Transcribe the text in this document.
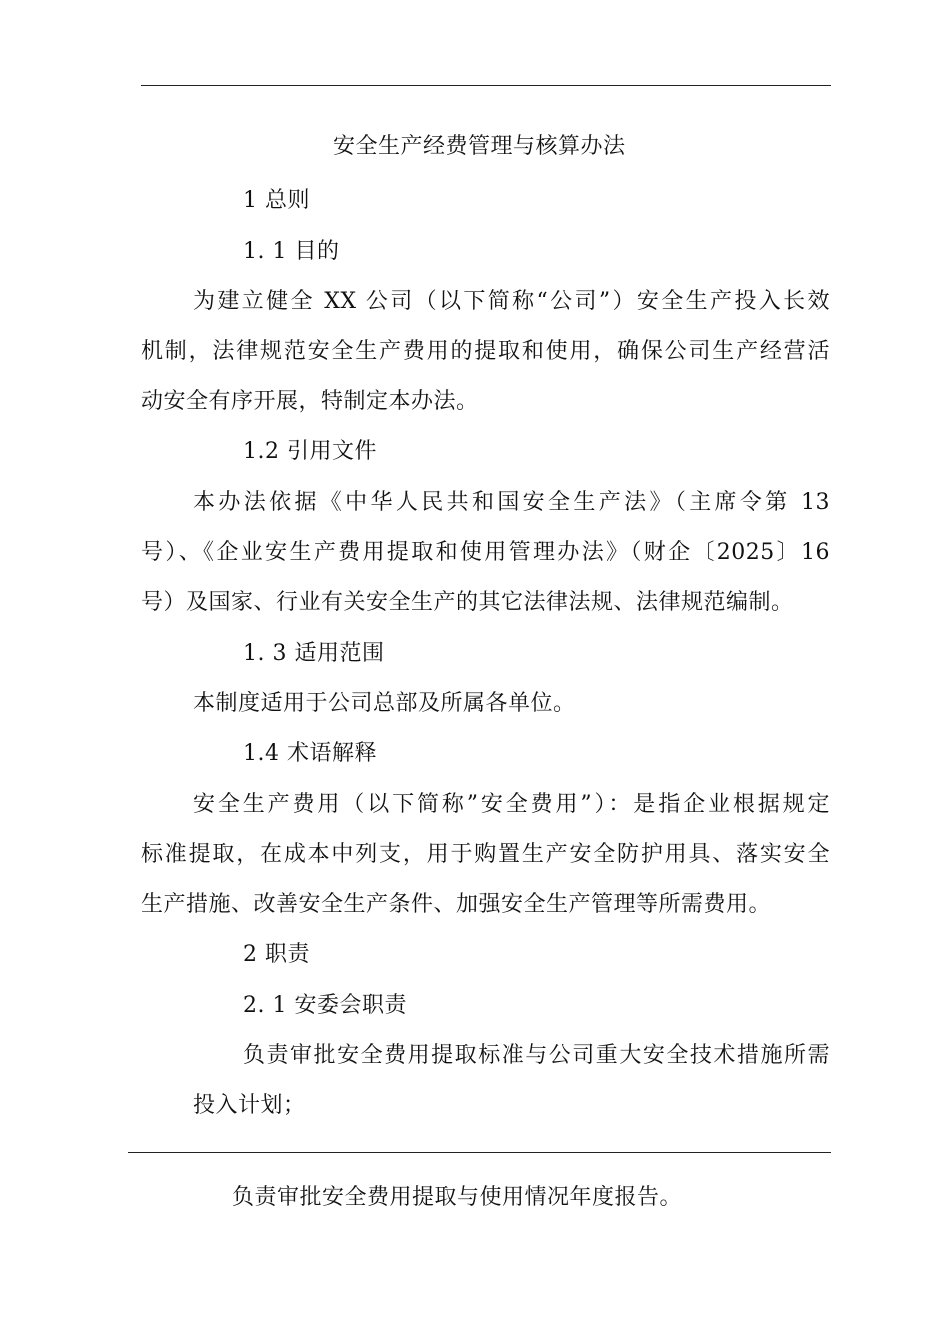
安全生产经费管理与核算办法
1 总则
1. 1 目的
为建立健全 XX 公司（以下简称“公司”）安全生产投入长效
机制，法律规范安全生产费用的提取和使用，确保公司生产经营活
动安全有序开展，特制定本办法。
1.2 引用文件
本办法依据《中华人民共和国安全生产法》（主席令第 13
号）、《企业安生产费用提取和使用管理办法》（财企〔2025〕16
号）及国家、行业有关安全生产的其它法律法规、法律规范编制。
1. 3 适用范围
本制度适用于公司总部及所属各单位。
1.4 术语解释
安全生产费用（以下简称”安全费用”）：是指企业根据规定
标准提取，在成本中列支，用于购置生产安全防护用具、落实安全
生产措施、改善安全生产条件、加强安全生产管理等所需费用。
2 职责
2. 1 安委会职责
负责审批安全费用提取标准与公司重大安全技术措施所需
投入计划；
负责审批安全费用提取与使用情况年度报告。
